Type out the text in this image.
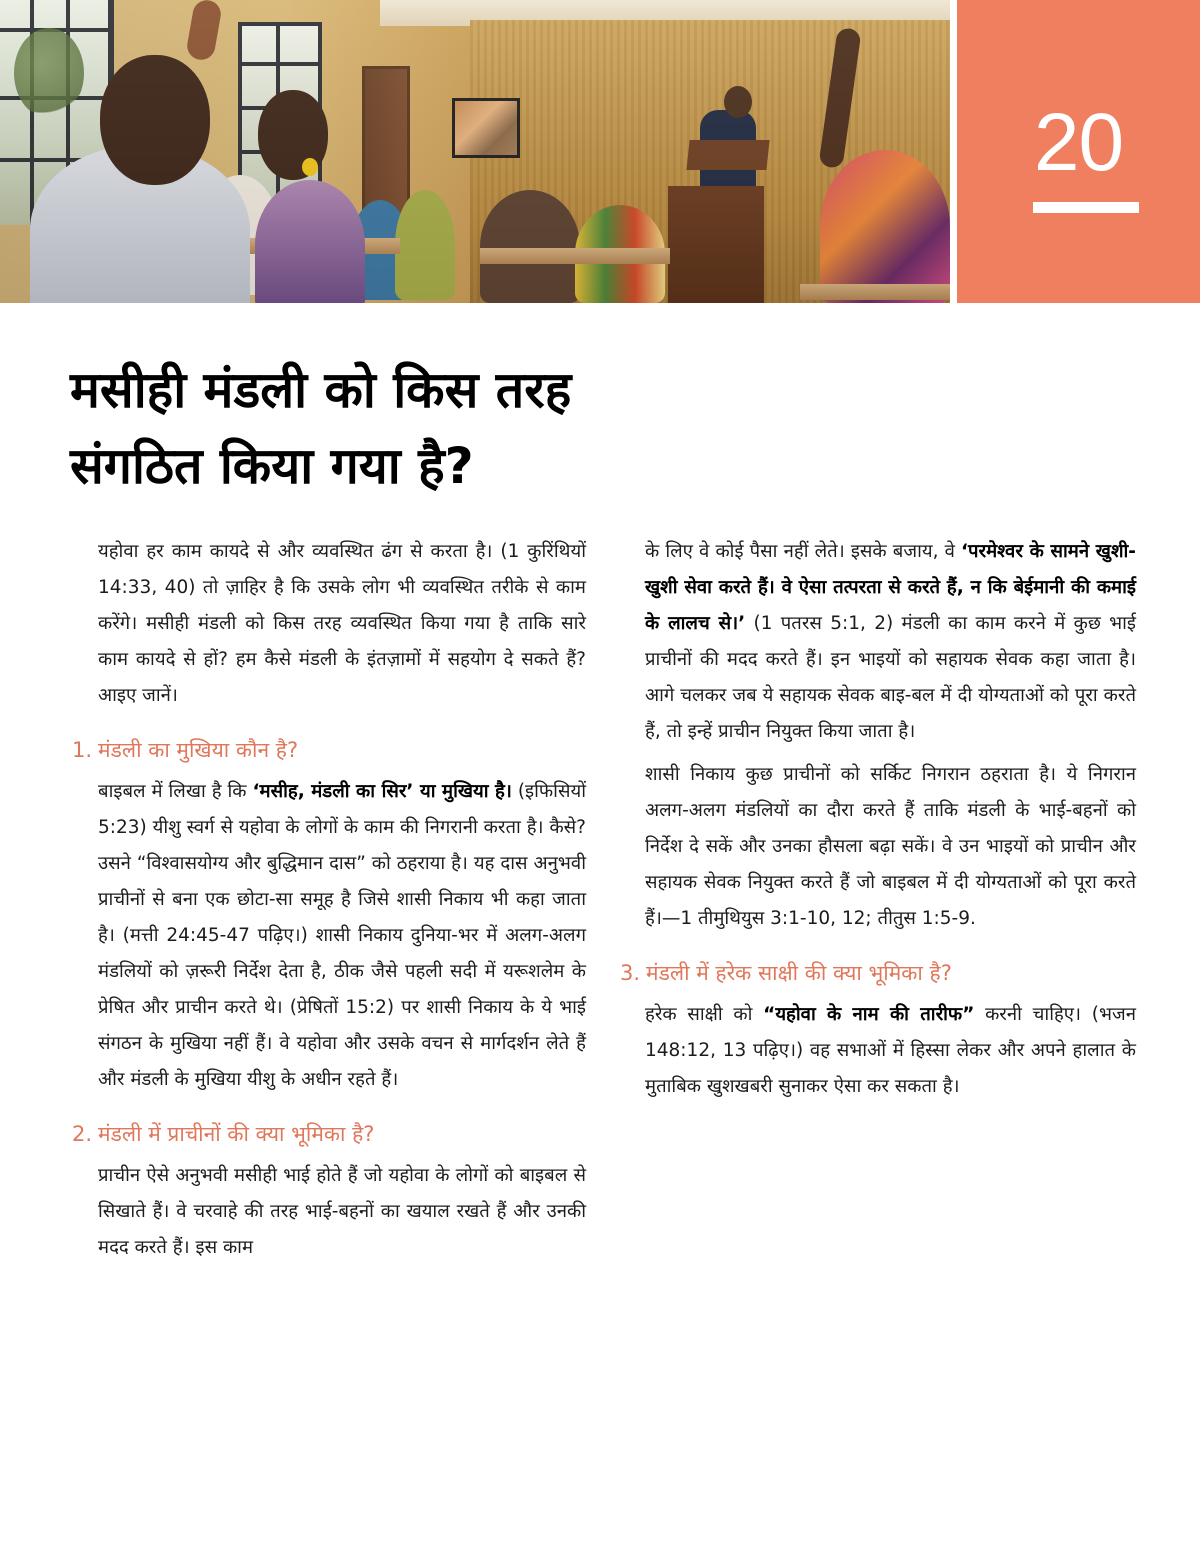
20
मसीही मंडली को किस तरह
संगठित किया गया है?

यहोवा हर काम कायदे से और व्यवस्थित ढंग से करता है। (1 कुरिंथियों 14:33, 40) तो ज़ाहिर है कि उसके लोग भी व्यवस्थित तरीके से काम करेंगे। मसीही मंडली को किस तरह व्यवस्थित किया गया है ताकि सारे काम कायदे से हों? हम कैसे मंडली के इंतज़ामों में सहयोग दे सकते हैं? आइए जानें।

1. मंडली का मुखिया कौन है?

बाइबल में लिखा है कि ‘मसीह, मंडली का सिर’ या मुखिया है। (इफिसियों 5:23) यीशु स्वर्ग से यहोवा के लोगों के काम की निगरानी करता है। कैसे? उसने “विश्वासयोग्य और बुद्धिमान दास” को ठहराया है। यह दास अनुभवी प्राचीनों से बना एक छोटा-सा समूह है जिसे शासी निकाय भी कहा जाता है। (मत्ती 24:45-47 पढ़िए।) शासी निकाय दुनिया-भर में अलग-अलग मंडलियों को ज़रूरी निर्देश देता है, ठीक जैसे पहली सदी में यरूशलेम के प्रेषित और प्राचीन करते थे। (प्रेषितों 15:2) पर शासी निकाय के ये भाई संगठन के मुखिया नहीं हैं। वे यहोवा और उसके वचन से मार्गदर्शन लेते हैं और मंडली के मुखिया यीशु के अधीन रहते हैं।

2. मंडली में प्राचीनों की क्या भूमिका है?

प्राचीन ऐसे अनुभवी मसीही भाई होते हैं जो यहोवा के लोगों को बाइबल से सिखाते हैं। वे चरवाहे की तरह भाई-बहनों का खयाल रखते हैं और उनकी मदद करते हैं। इस काम

के लिए वे कोई पैसा नहीं लेते। इसके बजाय, वे ‘परमेश्वर के सामने खुशी-खुशी सेवा करते हैं। वे ऐसा तत्परता से करते हैं, न कि बेईमानी की कमाई के लालच से।’ (1 पतरस 5:1, 2) मंडली का काम करने में कुछ भाई प्राचीनों की मदद करते हैं। इन भाइयों को सहायक सेवक कहा जाता है। आगे चलकर जब ये सहायक सेवक बाइ-बल में दी योग्यताओं को पूरा करते हैं, तो इन्हें प्राचीन नियुक्त किया जाता है।

शासी निकाय कुछ प्राचीनों को सर्किट निगरान ठहराता है। ये निगरान अलग-अलग मंडलियों का दौरा करते हैं ताकि मंडली के भाई-बहनों को निर्देश दे सकें और उनका हौसला बढ़ा सकें। वे उन भाइयों को प्राचीन और सहायक सेवक नियुक्त करते हैं जो बाइबल में दी योग्यताओं को पूरा करते हैं।—1 तीमुथियुस 3:1-10, 12; तीतुस 1:5-9.

3. मंडली में हरेक साक्षी की क्या भूमिका है?

हरेक साक्षी को “यहोवा के नाम की तारीफ” करनी चाहिए। (भजन 148:12, 13 पढ़िए।) वह सभाओं में हिस्सा लेकर और अपने हालात के मुताबिक खुशखबरी सुनाकर ऐसा कर सकता है।
